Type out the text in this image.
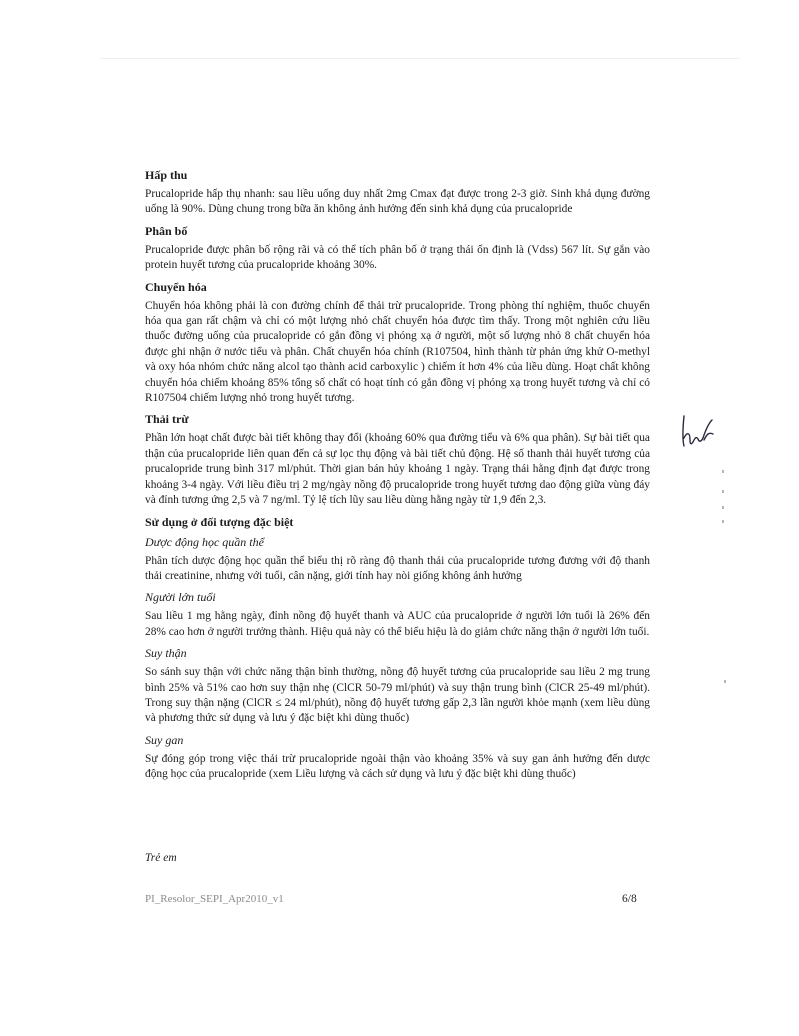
Hấp thu
Prucalopride hấp thụ nhanh: sau liều uống duy nhất 2mg Cmax đạt được trong 2-3 giờ. Sinh khả dụng đường uống là 90%. Dùng chung trong bữa ăn không ảnh hưởng đến sinh khả dụng của prucalopride
Phân bố
Prucalopride được phân bố rộng rãi và có thể tích phân bố ở trạng thái ổn định là (Vdss) 567 lít. Sự gắn vào protein huyết tương của prucalopride khoảng 30%.
Chuyển hóa
Chuyển hóa không phải là con đường chính để thải trừ prucalopride. Trong phòng thí nghiệm, thuốc chuyển hóa qua gan rất chậm và chỉ có một lượng nhỏ chất chuyển hóa được tìm thấy. Trong một nghiên cứu liều thuốc đường uống của prucalopride có gắn đồng vị phóng xạ ở người, một số lượng nhỏ 8 chất chuyển hóa được ghi nhận ở nước tiểu và phân. Chất chuyển hóa chính (R107504, hình thành từ phản ứng khử O-methyl và oxy hóa nhóm chức năng alcol tạo thành acid carboxylic ) chiếm ít hơn 4% của liều dùng. Hoạt chất không chuyển hóa chiếm khoảng 85% tổng số chất có hoạt tính có gắn đồng vị phóng xạ trong huyết tương và chỉ có R107504 chiếm lượng nhỏ trong huyết tương.
Thải trừ
Phần lớn hoạt chất được bài tiết không thay đổi (khoảng 60% qua đường tiểu và 6% qua phân). Sự bài tiết qua thận của prucalopride liên quan đến cả sự lọc thụ động và bài tiết chủ động. Hệ số thanh thải huyết tương của prucalopride trung bình 317 ml/phút. Thời gian bán hủy khoảng 1 ngày. Trạng thái hằng định đạt được trong khoảng 3-4 ngày. Với liều điều trị 2 mg/ngày nồng độ prucalopride trong huyết tương dao động giữa vùng đáy và đỉnh tương ứng 2,5 và 7 ng/ml. Tỷ lệ tích lũy sau liều dùng hằng ngày từ 1,9 đến 2,3.
Sử dụng ở đối tượng đặc biệt
Dược động học quần thể
Phân tích dược động học quần thể biểu thị rõ ràng độ thanh thải của prucalopride tương đương với độ thanh thải creatinine, nhưng với tuổi, cân nặng, giới tính hay nòi giống không ảnh hưởng
Người lớn tuổi
Sau liều 1 mg hằng ngày, đỉnh nồng độ huyết thanh và AUC của prucalopride ở người lớn tuổi là 26% đến 28% cao hơn ở người trưởng thành. Hiệu quả này có thể biểu hiệu là do giảm chức năng thận ở người lớn tuổi.
Suy thận
So sánh suy thận với chức năng thận bình thường, nồng độ huyết tương của prucalopride sau liều 2 mg trung bình 25% và 51% cao hơn suy thận nhẹ (ClCR 50-79 ml/phút) và suy thận trung bình (ClCR 25-49 ml/phút). Trong suy thận nặng (ClCR ≤ 24 ml/phút), nồng độ huyết tương gấp 2,3 lần người khỏe mạnh (xem liều dùng và phương thức sử dụng và lưu ý đặc biệt khi dùng thuốc)
Suy gan
Sự đóng góp trong việc thải trừ prucalopride ngoài thận vào khoảng 35% và suy gan ảnh hưởng đến dược động học của prucalopride (xem Liều lượng và cách sử dụng và lưu ý đặc biệt khi dùng thuốc)
Trẻ em
PI_Resolor_SEPI_Apr2010_v1	6/8
